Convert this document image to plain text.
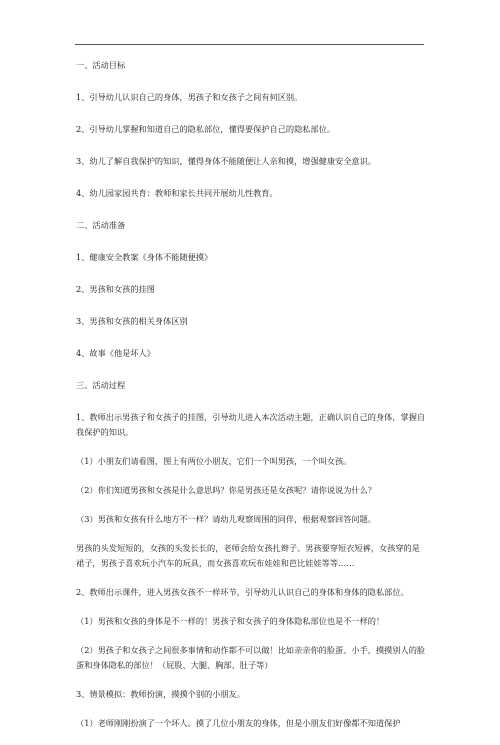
一、活动目标

1、引导幼儿认识自己的身体，男孩子和女孩子之间有何区别。

2、引导幼儿掌握和知道自己的隐私部位，懂得要保护自己的隐私部位。

3、幼儿了解自我保护的知识，懂得身体不能随便让人亲和摸，增强健康安全意识。

4、幼儿园家园共育：教师和家长共同开展幼儿性教育。

二、活动准备

1、健康安全教案《身体不能随便摸》

2、男孩和女孩的挂图

3、男孩和女孩的相关身体区别

4、故事《他是坏人》

三、活动过程

1、教师出示男孩子和女孩子的挂图，引导幼儿进入本次活动主题，正确认识自己的身体，掌握自我保护的知识。

（1）小朋友们请看图，图上有两位小朋友，它们一个叫男孩，一个叫女孩。

（2）你们知道男孩和女孩是什么意思吗？你是男孩还是女孩呢？请你说说为什么？

（3）男孩和女孩有什么地方不一样？请幼儿观察周围的同伴，根据观察回答问题。

男孩的头发短短的，女孩的头发长长的，老师会给女孩扎辫子。男孩要穿短衣短裤，女孩穿的是裙子，男孩子喜欢玩小汽车的玩具，而女孩喜欢玩布娃娃和芭比娃娃等等……

2、教师出示课件，进入男孩女孩不一样环节，引导幼儿认识自己的身体和身体的隐私部位。

（1）男孩和女孩的身体是不一样的！男孩子和女孩子的身体隐私部位也是不一样的！

（2）男孩子和女孩子之间很多事情和动作都不可以做！比如亲亲你的脸蛋、小手，摸摸别人的脸蛋和身体隐私的部位！（屁股、大腿、胸部、肚子等）

3、情景模拟：教师扮演，摸摸个别的小朋友。

（1）老师刚刚扮演了一个坏人。摸了几位小朋友的身体，但是小朋友们好像都不知道保护
